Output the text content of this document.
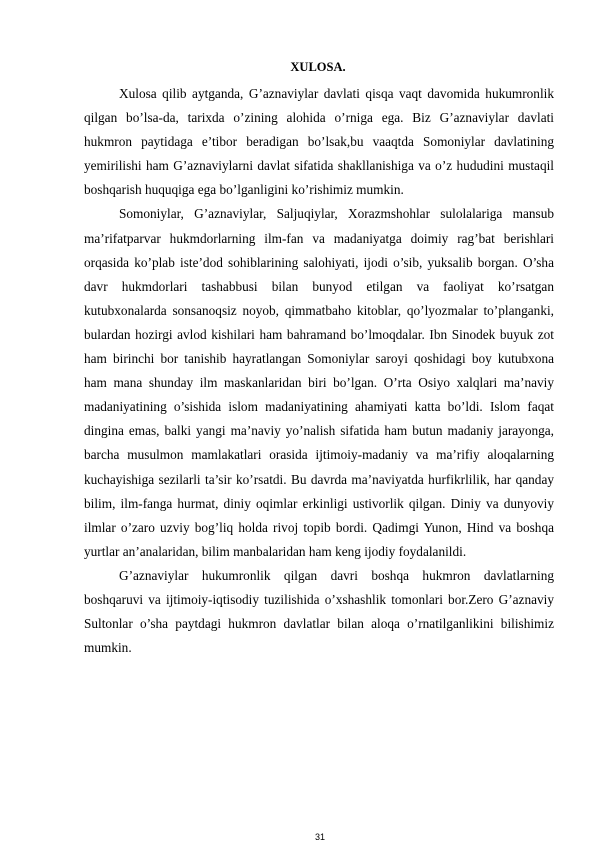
XULOSA.

Xulosa qilib aytganda, G’aznaviylar davlati qisqa vaqt davomida hukumronlik qilgan bo’lsa-da, tarixda o’zining alohida o’rniga ega. Biz G’aznaviylar davlati hukmron paytidaga e’tibor beradigan bo’lsak,bu vaaqtda Somoniylar davlatining yemirilishi ham G’aznaviylarni davlat sifatida shakllanishiga va o’z hududini mustaqil boshqarish huquqiga ega bo’lganligini ko’rishimiz mumkin.

Somoniylar, G’aznaviylar, Saljuqiylar, Xorazmshohlar sulolalariga mansub ma’rifatparvar hukmdorlarning ilm-fan va madaniyatga doimiy rag’bat berishlari orqasida ko’plab iste’dod sohiblarining salohiyati, ijodi o’sib, yuksalib borgan. O’sha davr hukmdorlari tashabbusi bilan bunyod etilgan va faoliyat ko’rsatgan kutubxonalarda sonsanoqsiz noyob, qimmatbaho kitoblar, qo’lyozmalar to’planganki, bulardan hozirgi avlod kishilari ham bahramand bo’lmoqdalar. Ibn Sinodek buyuk zot ham birinchi bor tanishib hayratlangan Somoniylar saroyi qoshidagi boy kutubxona ham mana shunday ilm maskanlaridan biri bo’lgan. O’rta Osiyo xalqlari ma’naviy madaniyatining o’sishida islom madaniyatining ahamiyati katta bo’ldi. Islom faqat dingina emas, balki yangi ma’naviy yo’nalish sifatida ham butun madaniy jarayonga, barcha musulmon mamlakatlari orasida ijtimoiy-madaniy va ma’rifiy aloqalarning kuchayishiga sezilarli ta’sir ko’rsatdi. Bu davrda ma’naviyatda hurfikrlilik, har qanday bilim, ilm-fanga hurmat, diniy oqimlar erkinligi ustivorlik qilgan. Diniy va dunyoviy ilmlar o’zaro uzviy bog’liq holda rivoj topib bordi. Qadimgi Yunon, Hind va boshqa yurtlar an’analaridan, bilim manbalaridan ham keng ijodiy foydalanildi.

G’aznaviylar hukumronlik qilgan davri boshqa hukmron davlatlarning boshqaruvi va ijtimoiy-iqtisodiy tuzilishida o’xshashlik tomonlari bor.Zero G’aznaviy Sultonlar o’sha paytdagi hukmron davlatlar bilan aloqa o’rnatilganlikini bilishimiz mumkin.

31
